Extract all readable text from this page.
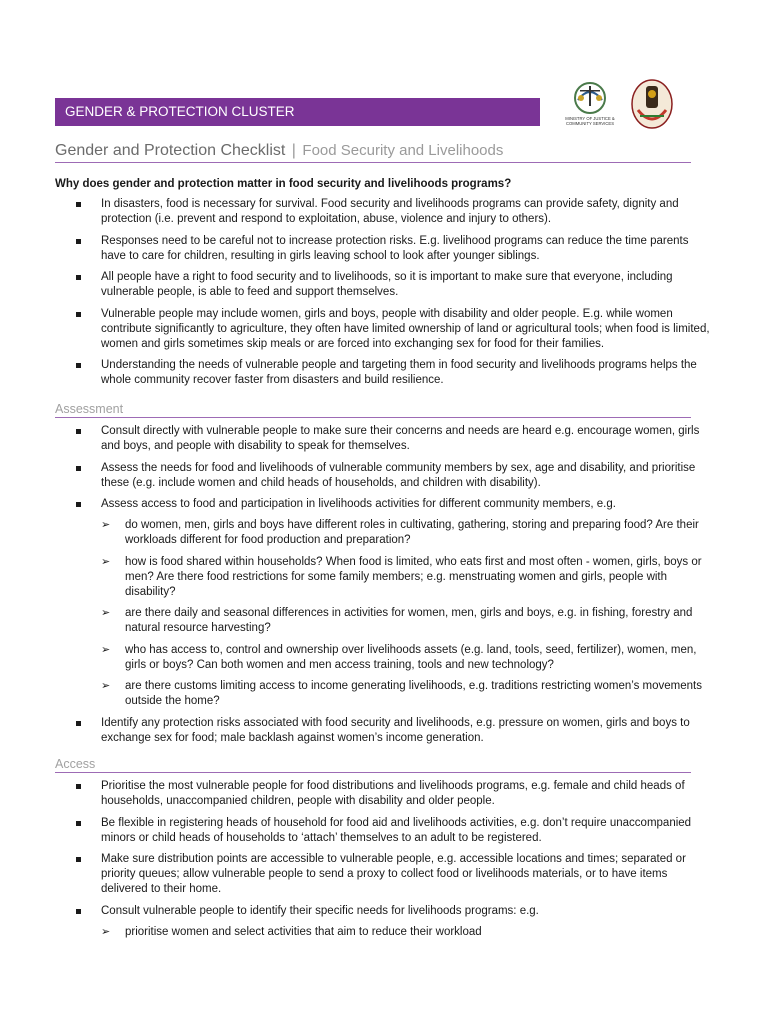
GENDER & PROTECTION CLUSTER	MINISTRY OF JUSTICE &
COMMUNITY SERVICES
Gender and Protection Checklist | Food Security and Livelihoods
Why does gender and protection matter in food security and livelihoods programs?
In disasters, food is necessary for survival. Food security and livelihoods programs can provide safety, dignity and protection (i.e. prevent and respond to exploitation, abuse, violence and injury to others).
Responses need to be careful not to increase protection risks. E.g. livelihood programs can reduce the time parents have to care for children, resulting in girls leaving school to look after younger siblings.
All people have a right to food security and to livelihoods, so it is important to make sure that everyone, including vulnerable people, is able to feed and support themselves.
Vulnerable people may include women, girls and boys, people with disability and older people. E.g. while women contribute significantly to agriculture, they often have limited ownership of land or agricultural tools; when food is limited, women and girls sometimes skip meals or are forced into exchanging sex for food for their families.
Understanding the needs of vulnerable people and targeting them in food security and livelihoods programs helps the whole community recover faster from disasters and build resilience.
Assessment
Consult directly with vulnerable people to make sure their concerns and needs are heard e.g. encourage women, girls and boys, and people with disability to speak for themselves.
Assess the needs for food and livelihoods of vulnerable community members by sex, age and disability, and prioritise these (e.g. include women and child heads of households, and children with disability).
Assess access to food and participation in livelihoods activities for different community members, e.g.
➢ do women, men, girls and boys have different roles in cultivating, gathering, storing and preparing food? Are their workloads different for food production and preparation?
➢ how is food shared within households? When food is limited, who eats first and most often - women, girls, boys or men? Are there food restrictions for some family members; e.g. menstruating women and girls, people with disability?
➢ are there daily and seasonal differences in activities for women, men, girls and boys, e.g. in fishing, forestry and natural resource harvesting?
➢ who has access to, control and ownership over livelihoods assets (e.g. land, tools, seed, fertilizer), women, men, girls or boys? Can both women and men access training, tools and new technology?
➢ are there customs limiting access to income generating livelihoods, e.g. traditions restricting women’s movements outside the home?
Identify any protection risks associated with food security and livelihoods, e.g. pressure on women, girls and boys to exchange sex for food; male backlash against women’s income generation.
Access
Prioritise the most vulnerable people for food distributions and livelihoods programs, e.g. female and child heads of households, unaccompanied children, people with disability and older people.
Be flexible in registering heads of household for food aid and livelihoods activities, e.g. don’t require unaccompanied minors or child heads of households to ‘attach’ themselves to an adult to be registered.
Make sure distribution points are accessible to vulnerable people, e.g. accessible locations and times; separated or priority queues; allow vulnerable people to send a proxy to collect food or livelihoods materials, or to have items delivered to their home.
Consult vulnerable people to identify their specific needs for livelihoods programs: e.g.
➢ prioritise women and select activities that aim to reduce their workload
